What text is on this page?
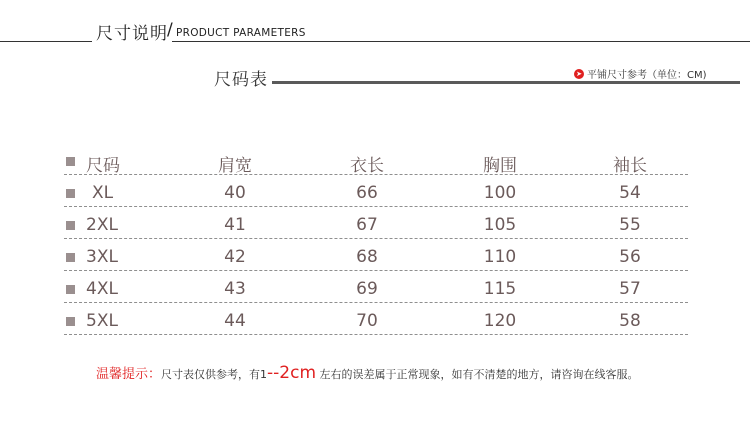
尺寸说明 / PRODUCT PARAMETERS
尺码表	➤ 平铺尺寸参考（单位：CM)
尺码	肩宽	衣长	胸围	袖长
XL	40	66	100	54
2XL	41	67	105	55
3XL	42	68	110	56
4XL	43	69	115	57
5XL	44	70	120	58
温馨提示：尺寸表仅供参考，有1--2cm 左右的误差属于正常现象，如有不清楚的地方，请咨询在线客服。
